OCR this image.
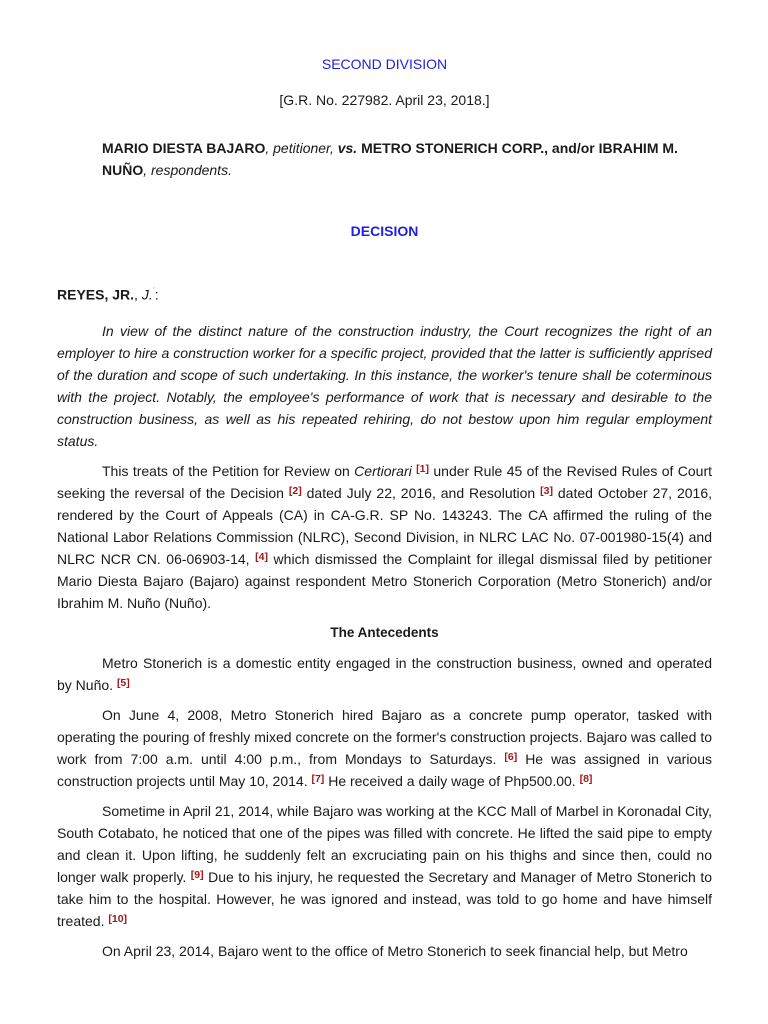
SECOND DIVISION
[G.R. No. 227982. April 23, 2018.]
MARIO DIESTA BAJARO, petitioner, vs. METRO STONERICH CORP., and/or IBRAHIM M. NUÑO, respondents.
DECISION
REYES, JR., J.$^ʼ$:

In view of the distinct nature of the construction industry, the Court recognizes the right of an employer to hire a construction worker for a specific project, provided that the latter is sufficiently apprised of the duration and scope of such undertaking. In this instance, the worker's tenure shall be coterminous with the project. Notably, the employee's performance of work that is necessary and desirable to the construction business, as well as his repeated rehiring, do not bestow upon him regular employment status.

This treats of the Petition for Review on Certiorari [1] under Rule 45 of the Revised Rules of Court seeking the reversal of the Decision [2] dated July 22, 2016, and Resolution [3] dated October 27, 2016, rendered by the Court of Appeals (CA) in CA-G.R. SP No. 143243. The CA affirmed the ruling of the National Labor Relations Commission (NLRC), Second Division, in NLRC LAC No. 07-001980-15(4) and NLRC NCR CN. 06-06903-14, [4] which dismissed the Complaint for illegal dismissal filed by petitioner Mario Diesta Bajaro (Bajaro) against respondent Metro Stonerich Corporation (Metro Stonerich) and/or Ibrahim M. Nuño (Nuño).

The Antecedents

Metro Stonerich is a domestic entity engaged in the construction business, owned and operated by Nuño. [5]

On June 4, 2008, Metro Stonerich hired Bajaro as a concrete pump operator, tasked with operating the pouring of freshly mixed concrete on the former's construction projects. Bajaro was called to work from 7:00 a.m. until 4:00 p.m., from Mondays to Saturdays. [6] He was assigned in various construction projects until May 10, 2014. [7] He received a daily wage of Php500.00. [8]

Sometime in April 21, 2014, while Bajaro was working at the KCC Mall of Marbel in Koronadal City, South Cotabato, he noticed that one of the pipes was filled with concrete. He lifted the said pipe to empty and clean it. Upon lifting, he suddenly felt an excruciating pain on his thighs and since then, could no longer walk properly. [9] Due to his injury, he requested the Secretary and Manager of Metro Stonerich to take him to the hospital. However, he was ignored and instead, was told to go home and have himself treated. [10]

On April 23, 2014, Bajaro went to the office of Metro Stonerich to seek financial help, but Metro
